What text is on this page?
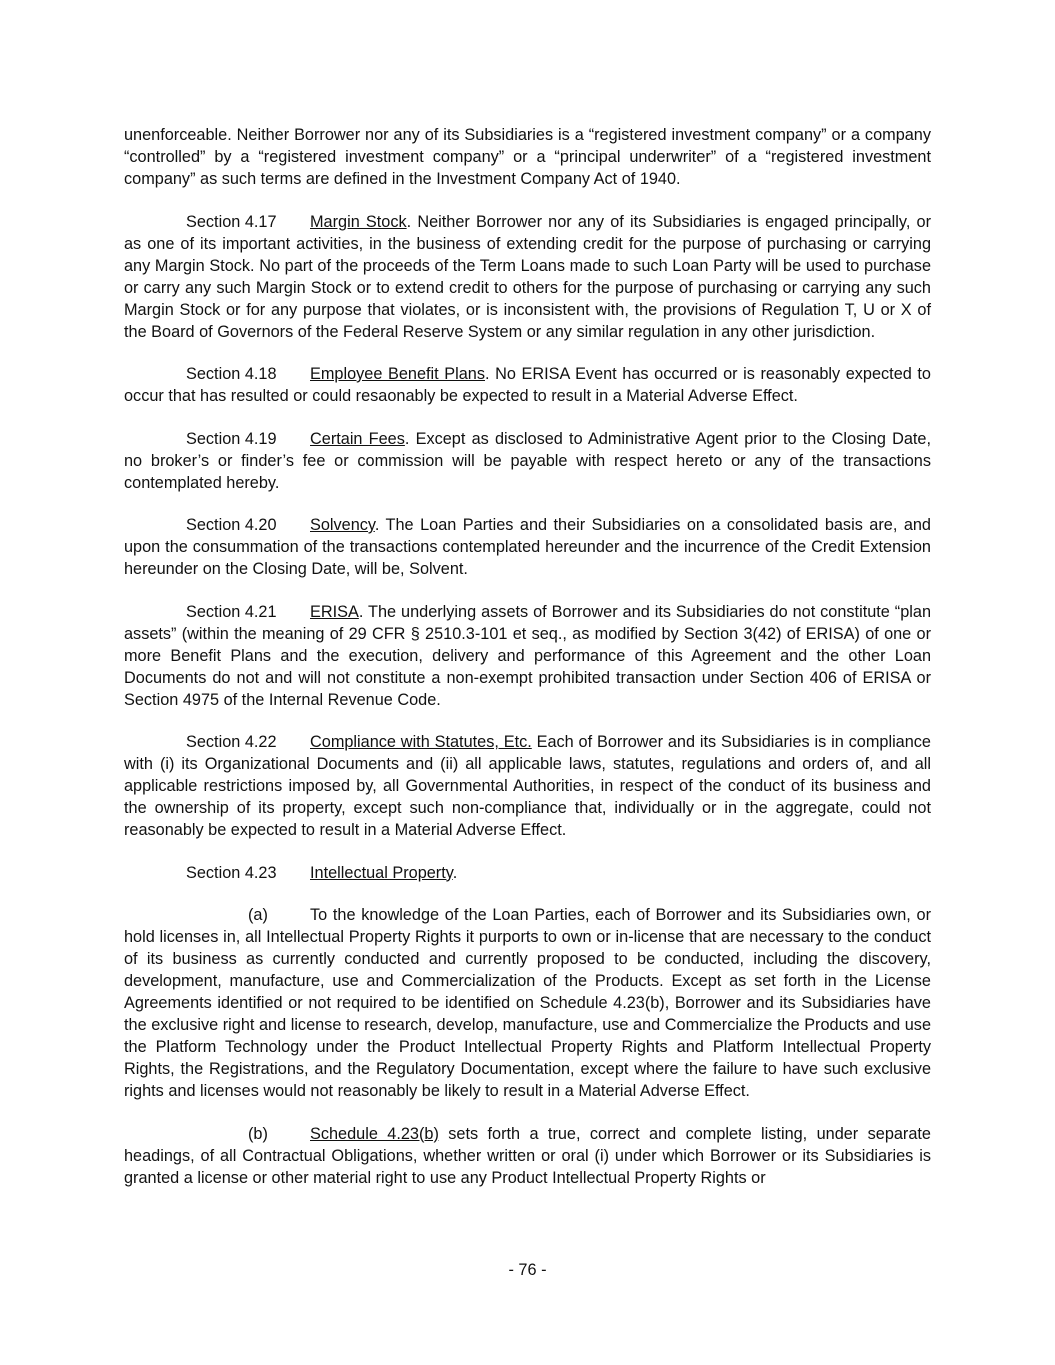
unenforceable. Neither Borrower nor any of its Subsidiaries is a “registered investment company” or a company “controlled” by a “registered investment company” or a “principal underwriter” of a “registered investment company” as such terms are defined in the Investment Company Act of 1940.

Section 4.17 Margin Stock. Neither Borrower nor any of its Subsidiaries is engaged principally, or as one of its important activities, in the business of extending credit for the purpose of purchasing or carrying any Margin Stock. No part of the proceeds of the Term Loans made to such Loan Party will be used to purchase or carry any such Margin Stock or to extend credit to others for the purpose of purchasing or carrying any such Margin Stock or for any purpose that violates, or is inconsistent with, the provisions of Regulation T, U or X of the Board of Governors of the Federal Reserve System or any similar regulation in any other jurisdiction.

Section 4.18 Employee Benefit Plans. No ERISA Event has occurred or is reasonably expected to occur that has resulted or could resaonably be expected to result in a Material Adverse Effect.

Section 4.19 Certain Fees. Except as disclosed to Administrative Agent prior to the Closing Date, no broker’s or finder’s fee or commission will be payable with respect hereto or any of the transactions contemplated hereby.

Section 4.20 Solvency. The Loan Parties and their Subsidiaries on a consolidated basis are, and upon the consummation of the transactions contemplated hereunder and the incurrence of the Credit Extension hereunder on the Closing Date, will be, Solvent.

Section 4.21 ERISA. The underlying assets of Borrower and its Subsidiaries do not constitute “plan assets” (within the meaning of 29 CFR § 2510.3-101 et seq., as modified by Section 3(42) of ERISA) of one or more Benefit Plans and the execution, delivery and performance of this Agreement and the other Loan Documents do not and will not constitute a non-exempt prohibited transaction under Section 406 of ERISA or Section 4975 of the Internal Revenue Code.

Section 4.22 Compliance with Statutes, Etc. Each of Borrower and its Subsidiaries is in compliance with (i) its Organizational Documents and (ii) all applicable laws, statutes, regulations and orders of, and all applicable restrictions imposed by, all Governmental Authorities, in respect of the conduct of its business and the ownership of its property, except such non-compliance that, individually or in the aggregate, could not reasonably be expected to result in a Material Adverse Effect.

Section 4.23 Intellectual Property.

(a)	To the knowledge of the Loan Parties, each of Borrower and its Subsidiaries own, or hold licenses in, all Intellectual Property Rights it purports to own or in-license that are necessary to the conduct of its business as currently conducted and currently proposed to be conducted, including the discovery, development, manufacture, use and Commercialization of the Products. Except as set forth in the License Agreements identified or not required to be identified on Schedule 4.23(b), Borrower and its Subsidiaries have the exclusive right and license to research, develop, manufacture, use and Commercialize the Products and use the Platform Technology under the Product Intellectual Property Rights and Platform Intellectual Property Rights, the Registrations, and the Regulatory Documentation, except where the failure to have such exclusive rights and licenses would not reasonably be likely to result in a Material Adverse Effect.

(b)	Schedule 4.23(b) sets forth a true, correct and complete listing, under separate headings, of all Contractual Obligations, whether written or oral (i) under which Borrower or its Subsidiaries is granted a license or other material right to use any Product Intellectual Property Rights or

- 76 -
